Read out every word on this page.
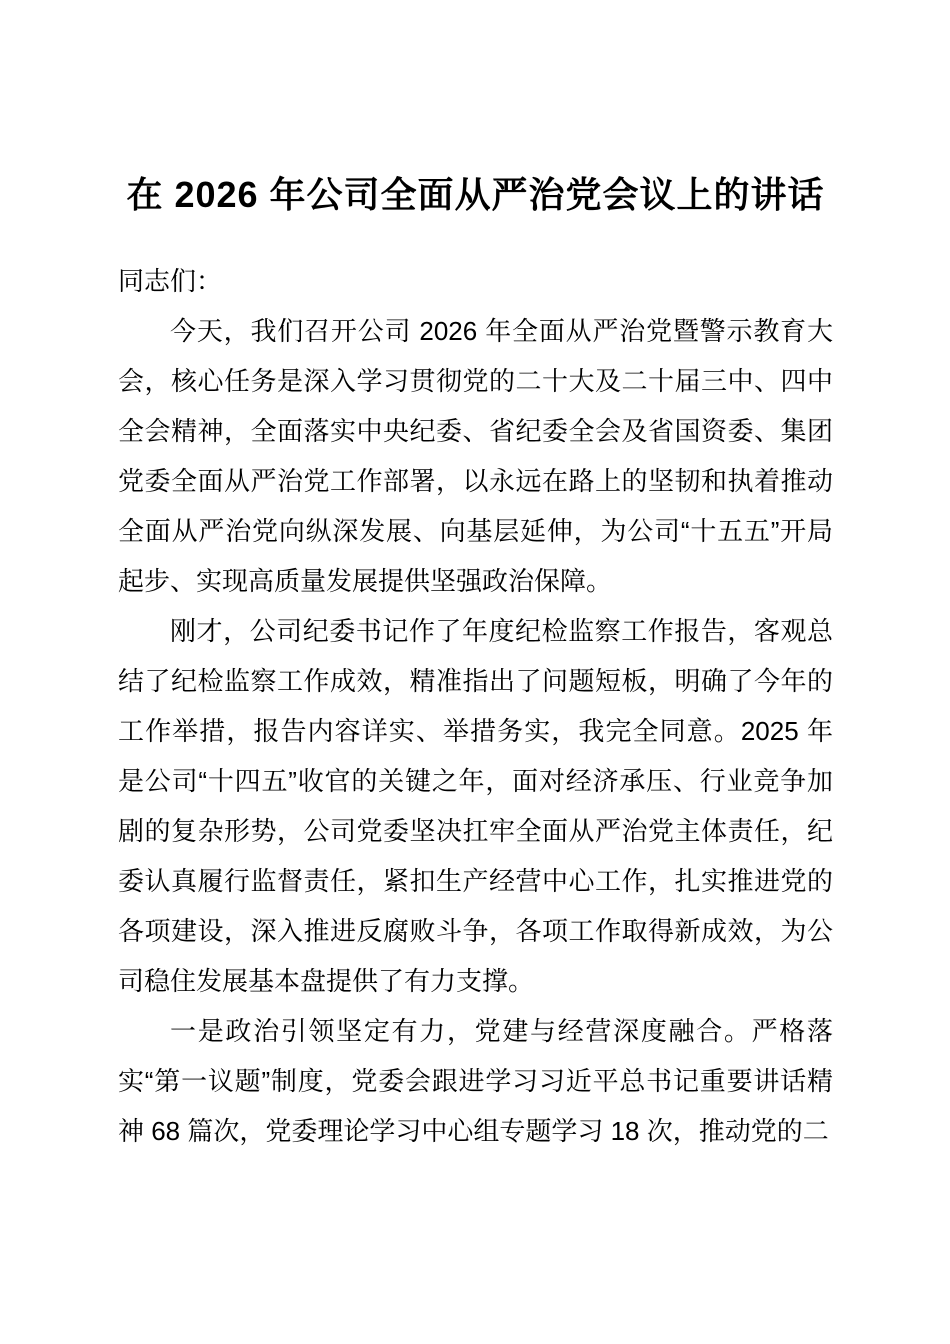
在 2026 年公司全面从严治党会议上的讲话

同志们：

今天，我们召开公司 2026 年全面从严治党暨警示教育大会，核心任务是深入学习贯彻党的二十大及二十届三中、四中全会精神，全面落实中央纪委、省纪委全会及省国资委、集团党委全面从严治党工作部署，以永远在路上的坚韧和执着推动全面从严治党向纵深发展、向基层延伸，为公司“十五五”开局起步、实现高质量发展提供坚强政治保障。

刚才，公司纪委书记作了年度纪检监察工作报告，客观总结了纪检监察工作成效，精准指出了问题短板，明确了今年的工作举措，报告内容详实、举措务实，我完全同意。2025 年是公司“十四五”收官的关键之年，面对经济承压、行业竞争加剧的复杂形势，公司党委坚决扛牢全面从严治党主体责任，纪委认真履行监督责任，紧扣生产经营中心工作，扎实推进党的各项建设，深入推进反腐败斗争，各项工作取得新成效，为公司稳住发展基本盘提供了有力支撑。

一是政治引领坚定有力，党建与经营深度融合。严格落实“第一议题”制度，党委会跟进学习习近平总书记重要讲话精神 68 篇次，党委理论学习中心组专题学习 18 次，推动党的二
